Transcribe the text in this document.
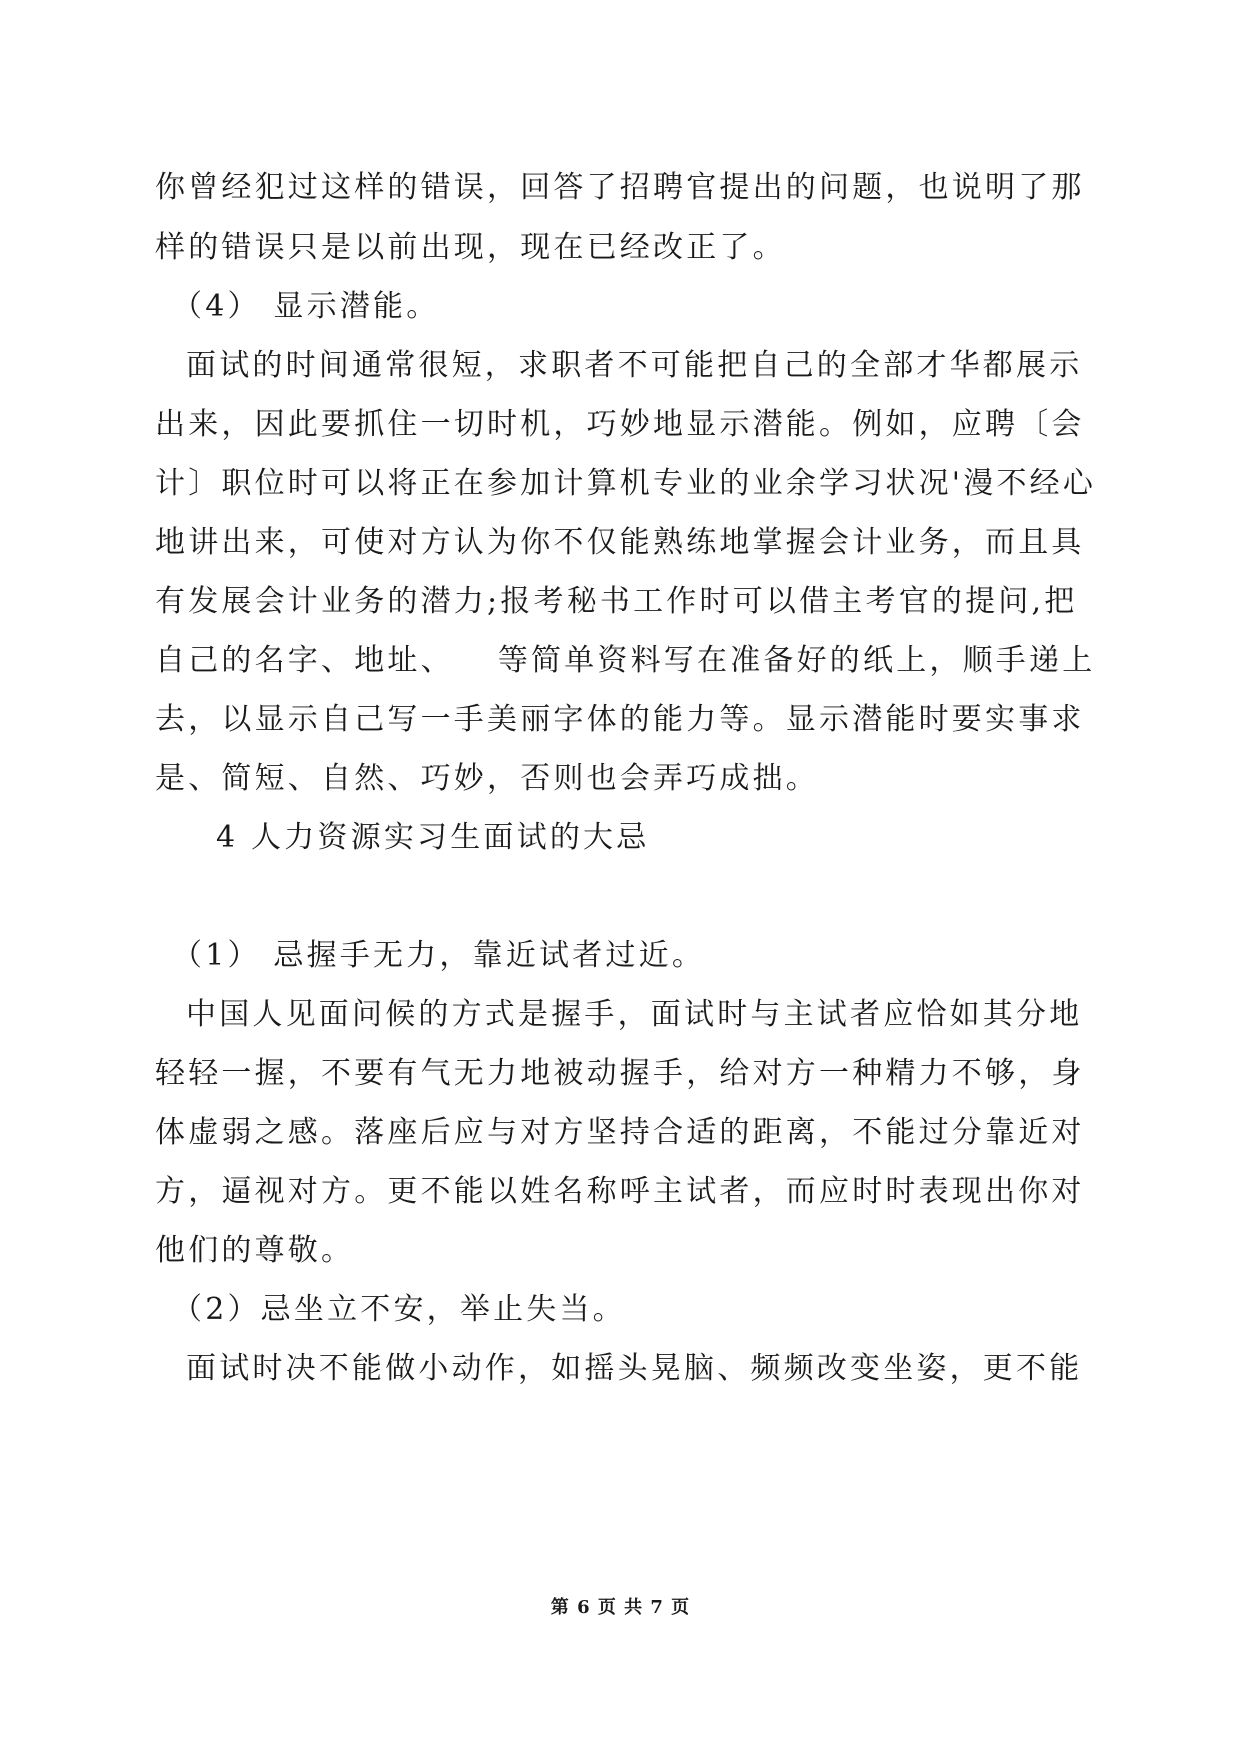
你曾经犯过这样的错误，回答了招聘官提出的问题，也说明了那
样的错误只是以前出现，现在已经改正了。
（4） 显示潜能。
面试的时间通常很短，求职者不可能把自己的全部才华都展示
出来，因此要抓住一切时机，巧妙地显示潜能。例如，应聘〔会
计〕职位时可以将正在参加计算机专业的业余学习状况'漫不经心
地讲出来，可使对方认为你不仅能熟练地掌握会计业务，而且具
有发展会计业务的潜力;报考秘书工作时可以借主考官的提问,把
自己的名字、地址、 等简单资料写在准备好的纸上，顺手递上
去，以显示自己写一手美丽字体的能力等。显示潜能时要实事求
是、简短、自然、巧妙，否则也会弄巧成拙。
4 人力资源实习生面试的大忌
（1） 忌握手无力，靠近试者过近。
中国人见面问候的方式是握手，面试时与主试者应恰如其分地
轻轻一握，不要有气无力地被动握手，给对方一种精力不够，身
体虚弱之感。落座后应与对方坚持合适的距离，不能过分靠近对
方，逼视对方。更不能以姓名称呼主试者，而应时时表现出你对
他们的尊敬。
（2）忌坐立不安，举止失当。
面试时决不能做小动作，如摇头晃脑、频频改变坐姿，更不能
第 6 页 共 7 页
